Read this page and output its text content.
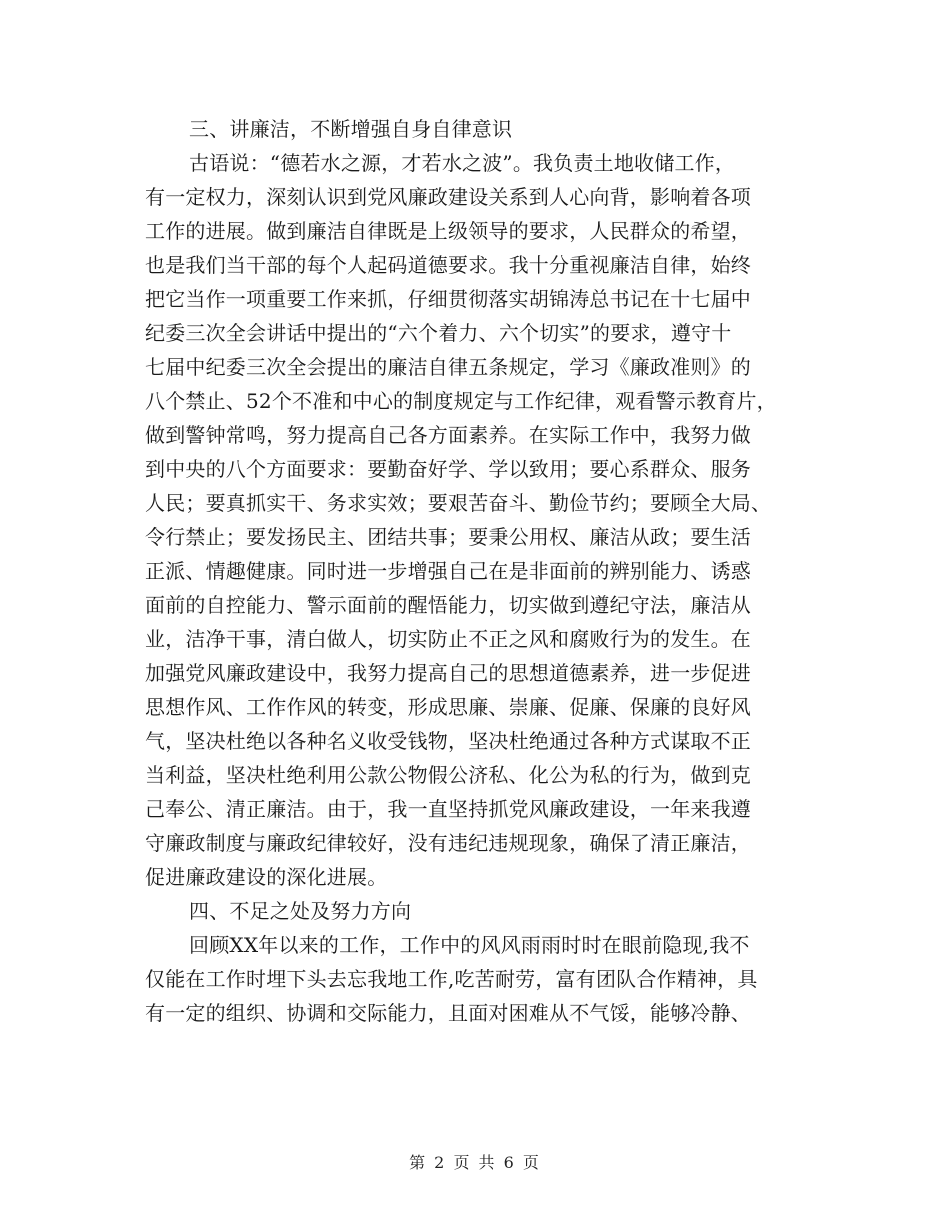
三、讲廉洁，不断增强自身自律意识
古语说：“德若水之源，才若水之波”。我负责土地收储工作，
有一定权力，深刻认识到党风廉政建设关系到人心向背，影响着各项
工作的进展。做到廉洁自律既是上级领导的要求，人民群众的希望，
也是我们当干部的每个人起码道德要求。我十分重视廉洁自律，始终
把它当作一项重要工作来抓，仔细贯彻落实胡锦涛总书记在十七届中
纪委三次全会讲话中提出的“六个着力、六个切实”的要求，遵守十
七届中纪委三次全会提出的廉洁自律五条规定，学习《廉政准则》的
八个禁止、52个不准和中心的制度规定与工作纪律，观看警示教育片，
做到警钟常鸣，努力提高自己各方面素养。在实际工作中，我努力做
到中央的八个方面要求：要勤奋好学、学以致用；要心系群众、服务
人民；要真抓实干、务求实效；要艰苦奋斗、勤俭节约；要顾全大局、
令行禁止；要发扬民主、团结共事；要秉公用权、廉洁从政；要生活
正派、情趣健康。同时进一步增强自己在是非面前的辨别能力、诱惑
面前的自控能力、警示面前的醒悟能力，切实做到遵纪守法，廉洁从
业，洁净干事，清白做人，切实防止不正之风和腐败行为的发生。在
加强党风廉政建设中，我努力提高自己的思想道德素养，进一步促进
思想作风、工作作风的转变，形成思廉、崇廉、促廉、保廉的良好风
气，坚决杜绝以各种名义收受钱物，坚决杜绝通过各种方式谋取不正
当利益，坚决杜绝利用公款公物假公济私、化公为私的行为，做到克
己奉公、清正廉洁。由于，我一直坚持抓党风廉政建设，一年来我遵
守廉政制度与廉政纪律较好，没有违纪违规现象，确保了清正廉洁，
促进廉政建设的深化进展。
四、不足之处及努力方向
回顾XX年以来的工作，工作中的风风雨雨时时在眼前隐现,我不
仅能在工作时埋下头去忘我地工作,吃苦耐劳，富有团队合作精神，具
有一定的组织、协调和交际能力，且面对困难从不气馁，能够冷静、
第 2 页 共 6 页
